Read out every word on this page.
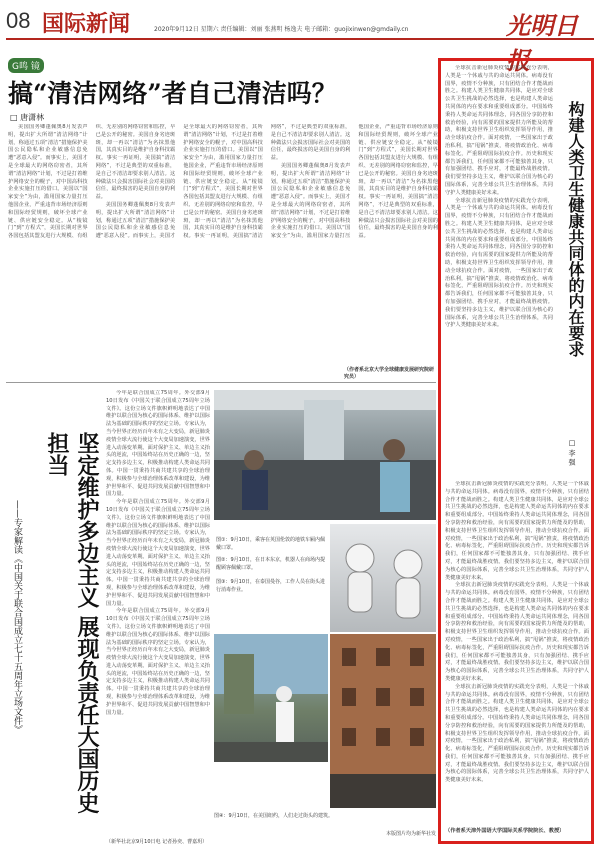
08 国际新闻	2020年9月12日 星期六 责任编辑：刘丽 张燕明 杨逸夫 电子邮箱：guojixinwen@gmdaily.cn	光明日报
G鸣 镜
搞“清洁网络”者自己清洁吗？
□ 唐潇林

美国国务卿蓬佩奥8月发表声明，提出扩大所谓“清洁网络”计划，称通过五项“清洁”措施保护美国公民隐私和企业敏感信息免遭“恶意入侵”。而事实上，美国才是全球最大的网络窃密者，其所谓“清洁网络”计划，不过是打着维护网络安全的幌子，对中国高科技企业实施打压的借口。美国以“国家安全”为由，滥用国家力量打压他国企业，严重违背市场经济原则和国际经贸规则，破坏全球产业链、供应链安全稳定。从“棱镜门”到“方程式”，美国长期对世界各国包括其盟友进行大规模、有组织、无差别的网络窃密和监控，早已是公开的秘密。美国自身劣迹斑斑，却一再以“清洁”为名抹黑他国，其真实目的是维护自身科技霸权。事实一再证明，美国搞“清洁网络”，不过是典型的双重标准，是自己不清洁却要求别人清洁。这种做法只会损害国际社会对美国的信任，最终损害的是美国自身的利益。

美国国务卿蓬佩奥8月发表声明，提出扩大所谓“清洁网络”计划，称通过五项“清洁”措施保护美国公民隐私和企业敏感信息免遭“恶意入侵”。而事实上，美国才是全球最大的网络窃密者，其所谓“清洁网络”计划，不过是打着维护网络安全的幌子，对中国高科技企业实施打压的借口。美国以“国家安全”为由，滥用国家力量打压他国企业，严重违背市场经济原则和国际经贸规则，破坏全球产业链、供应链安全稳定。从“棱镜门”到“方程式”，美国长期对世界各国包括其盟友进行大规模、有组织、无差别的网络窃密和监控，早已是公开的秘密。美国自身劣迹斑斑，却一再以“清洁”为名抹黑他国，其真实目的是维护自身科技霸权。事实一再证明，美国搞“清洁网络”，不过是典型的双重标准，是自己不清洁却要求别人清洁。这种做法只会损害国际社会对美国的信任，最终损害的是美国自身的利益。

美国国务卿蓬佩奥8月发表声明，提出扩大所谓“清洁网络”计划，称通过五项“清洁”措施保护美国公民隐私和企业敏感信息免遭“恶意入侵”。而事实上，美国才是全球最大的网络窃密者，其所谓“清洁网络”计划，不过是打着维护网络安全的幌子，对中国高科技企业实施打压的借口。美国以“国家安全”为由，滥用国家力量打压他国企业，严重违背市场经济原则和国际经贸规则，破坏全球产业链、供应链安全稳定。从“棱镜门”到“方程式”，美国长期对世界各国包括其盟友进行大规模、有组织、无差别的网络窃密和监控，早已是公开的秘密。美国自身劣迹斑斑，却一再以“清洁”为名抹黑他国，其真实目的是维护自身科技霸权。事实一再证明，美国搞“清洁网络”，不过是典型的双重标准，是自己不清洁却要求别人清洁。这种做法只会损害国际社会对美国的信任，最终损害的是美国自身的利益。

坚定维护多边主义 展现负责任大国历史担当
——专家解读《中国关于联合国成立七十五周年立场文件》

今年是联合国成立75周年。外交部9月10日发布《中国关于联合国成立75周年立场文件》。这份立场文件旗帜鲜明地表达了中国维护以联合国为核心的国际体系、维护以国际法为基础的国际秩序的坚定立场。专家认为，当今世界正经历百年未有之大变局，新冠肺炎疫情全球大流行使这个大变局加速演变，世界进入动荡变革期。面对保护主义、单边主义抬头的逆流，中国始终站在历史正确的一边，坚定支持多边主义，积极推动构建人类命运共同体。中国一贯秉持共商共建共享的全球治理观，积极参与全球治理体系改革和建设，为维护世界和平、促进共同发展贡献中国智慧和中国力量。

今年是联合国成立75周年。外交部9月10日发布《中国关于联合国成立75周年立场文件》。这份立场文件旗帜鲜明地表达了中国维护以联合国为核心的国际体系、维护以国际法为基础的国际秩序的坚定立场。专家认为，当今世界正经历百年未有之大变局，新冠肺炎疫情全球大流行使这个大变局加速演变，世界进入动荡变革期。面对保护主义、单边主义抬头的逆流，中国始终站在历史正确的一边，坚定支持多边主义，积极推动构建人类命运共同体。中国一贯秉持共商共建共享的全球治理观，积极参与全球治理体系改革和建设，为维护世界和平、促进共同发展贡献中国智慧和中国力量。

今年是联合国成立75周年。外交部9月10日发布《中国关于联合国成立75周年立场文件》。这份立场文件旗帜鲜明地表达了中国维护以联合国为核心的国际体系、维护以国际法为基础的国际秩序的坚定立场。专家认为，当今世界正经历百年未有之大变局，新冠肺炎疫情全球大流行使这个大变局加速演变，世界进入动荡变革期。面对保护主义、单边主义抬头的逆流，中国始终站在历史正确的一边，坚定支持多边主义，积极推动构建人类命运共同体。中国一贯秉持共商共建共享的全球治理观，积极参与全球治理体系改革和建设，为维护世界和平、促进共同发展贡献中国智慧和中国力量。

（新华社北京9月10日电 记者孙奕、曹嘉玥）
图①：9月10日，乘客在英国伦敦的地铁车厢内佩戴口罩。
图②：9月10日，在日本东京，机器人在商场内提醒顾客佩戴口罩。
图③：9月10日，在泰国曼谷，工作人员在街头进行消毒作业。
图④：9月10日，在美国纽约，人们走过街头的建筑。
本版图片均为新华社发
（作者系北京大学全球健康发展研究院研究员）
构建人类卫生健康共同体的内在要求
□ 李 强

全球抗击新冠肺炎疫情的实践充分表明，人类是一个休戚与共的命运共同体。病毒没有国界，疫情不分种族，只有团结合作才能战而胜之。构建人类卫生健康共同体，是应对全球公共卫生挑战的必然选择，也是构建人类命运共同体的内在要求和重要组成部分。中国始终秉持人类命运共同体理念，同各国分享防控和救治经验，向有需要的国家提供力所能及的帮助，积极支持世界卫生组织发挥领导作用，推动全球抗疫合作。面对疫情，一些国家出于政治私利，搞“甩锅”推责，将疫情政治化、病毒标签化，严重阻碍国际抗疫合作。历史和现实都告诉我们，任何国家都不可能独善其身，只有加强团结、携手应对，才能最终战胜疫情。我们要坚持多边主义，维护以联合国为核心的国际体系，完善全球公共卫生治理体系，共同守护人类健康美好未来。

全球抗击新冠肺炎疫情的实践充分表明，人类是一个休戚与共的命运共同体。病毒没有国界，疫情不分种族，只有团结合作才能战而胜之。构建人类卫生健康共同体，是应对全球公共卫生挑战的必然选择，也是构建人类命运共同体的内在要求和重要组成部分。中国始终秉持人类命运共同体理念，同各国分享防控和救治经验，向有需要的国家提供力所能及的帮助，积极支持世界卫生组织发挥领导作用，推动全球抗疫合作。面对疫情，一些国家出于政治私利，搞“甩锅”推责，将疫情政治化、病毒标签化，严重阻碍国际抗疫合作。历史和现实都告诉我们，任何国家都不可能独善其身，只有加强团结、携手应对，才能最终战胜疫情。我们要坚持多边主义，维护以联合国为核心的国际体系，完善全球公共卫生治理体系，共同守护人类健康美好未来。

全球抗击新冠肺炎疫情的实践充分表明，人类是一个休戚与共的命运共同体。病毒没有国界，疫情不分种族，只有团结合作才能战而胜之。构建人类卫生健康共同体，是应对全球公共卫生挑战的必然选择，也是构建人类命运共同体的内在要求和重要组成部分。中国始终秉持人类命运共同体理念，同各国分享防控和救治经验，向有需要的国家提供力所能及的帮助，积极支持世界卫生组织发挥领导作用，推动全球抗疫合作。面对疫情，一些国家出于政治私利，搞“甩锅”推责，将疫情政治化、病毒标签化，严重阻碍国际抗疫合作。历史和现实都告诉我们，任何国家都不可能独善其身，只有加强团结、携手应对，才能最终战胜疫情。我们要坚持多边主义，维护以联合国为核心的国际体系，完善全球公共卫生治理体系，共同守护人类健康美好未来。

全球抗击新冠肺炎疫情的实践充分表明，人类是一个休戚与共的命运共同体。病毒没有国界，疫情不分种族，只有团结合作才能战而胜之。构建人类卫生健康共同体，是应对全球公共卫生挑战的必然选择，也是构建人类命运共同体的内在要求和重要组成部分。中国始终秉持人类命运共同体理念，同各国分享防控和救治经验，向有需要的国家提供力所能及的帮助，积极支持世界卫生组织发挥领导作用，推动全球抗疫合作。面对疫情，一些国家出于政治私利，搞“甩锅”推责，将疫情政治化、病毒标签化，严重阻碍国际抗疫合作。历史和现实都告诉我们，任何国家都不可能独善其身，只有加强团结、携手应对，才能最终战胜疫情。我们要坚持多边主义，维护以联合国为核心的国际体系，完善全球公共卫生治理体系，共同守护人类健康美好未来。

全球抗击新冠肺炎疫情的实践充分表明，人类是一个休戚与共的命运共同体。病毒没有国界，疫情不分种族，只有团结合作才能战而胜之。构建人类卫生健康共同体，是应对全球公共卫生挑战的必然选择，也是构建人类命运共同体的内在要求和重要组成部分。中国始终秉持人类命运共同体理念，同各国分享防控和救治经验，向有需要的国家提供力所能及的帮助，积极支持世界卫生组织发挥领导作用，推动全球抗疫合作。面对疫情，一些国家出于政治私利，搞“甩锅”推责，将疫情政治化、病毒标签化，严重阻碍国际抗疫合作。历史和现实都告诉我们，任何国家都不可能独善其身，只有加强团结、携手应对，才能最终战胜疫情。我们要坚持多边主义，维护以联合国为核心的国际体系，完善全球公共卫生治理体系，共同守护人类健康美好未来。

（作者系天津外国语大学国际关系学院院长、教授）
